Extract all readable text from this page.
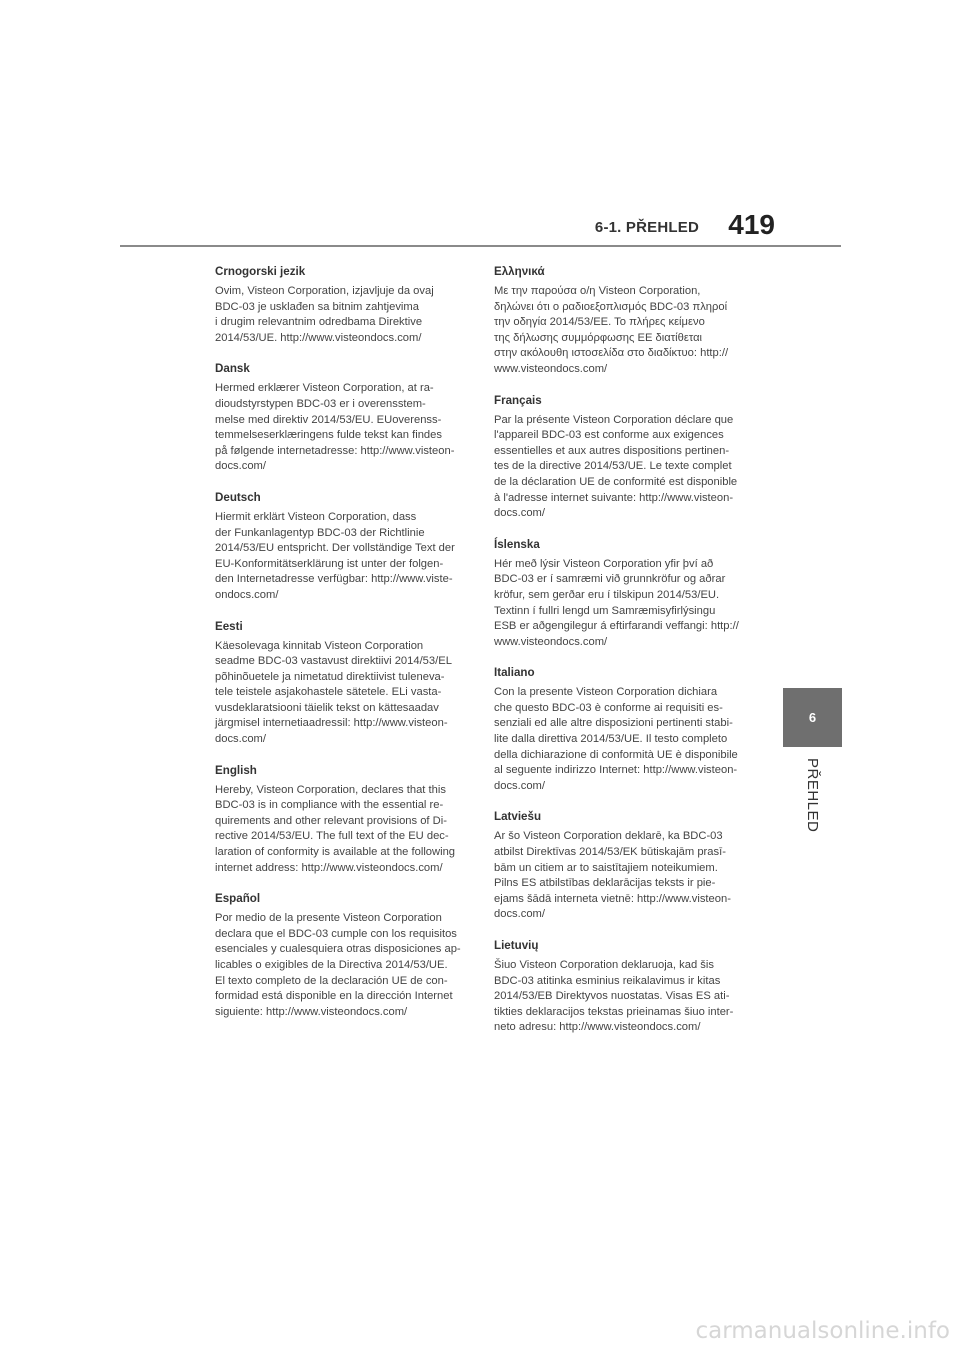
6-1. PŘEHLED 419
Crnogorski jezik

Ovim, Visteon Corporation, izjavljuje da ovaj

BDC-03 je usklađen sa bitnim zahtjevima

i drugim relevantnim odredbama Direktive

2014/53/UE. http://www.visteondocs.com/

Dansk

Hermed erklærer Visteon Corporation, at ra-

dioudstyrstypen BDC-03 er i overensstem-

melse med direktiv 2014/53/EU. EUoverenss-

temmelseserklæringens fulde tekst kan findes

på følgende internetadresse: http://www.visteon-

docs.com/

Deutsch

Hiermit erklärt Visteon Corporation, dass

der Funkanlagentyp BDC-03 der Richtlinie

2014/53/EU entspricht. Der vollständige Text der

EU-Konformitätserklärung ist unter der folgen-

den Internetadresse verfügbar: http://www.viste-

ondocs.com/

Eesti

Käesolevaga kinnitab Visteon Corporation

seadme BDC-03 vastavust direktiivi 2014/53/EL

põhinõuetele ja nimetatud direktiivist tuleneva-

tele teistele asjakohastele sätetele. ELi vasta-

vusdeklaratsiooni täielik tekst on kättesaadav

järgmisel internetiaadressil: http://www.visteon-

docs.com/

English

Hereby, Visteon Corporation, declares that this

BDC-03 is in compliance with the essential re-

quirements and other relevant provisions of Di-

rective 2014/53/EU. The full text of the EU dec-

laration of conformity is available at the following

internet address: http://www.visteondocs.com/

Español

Por medio de la presente Visteon Corporation

declara que el BDC-03 cumple con los requisitos

esenciales y cualesquiera otras disposiciones ap-

licables o exigibles de la Directiva 2014/53/UE.

El texto completo de la declaración UE de con-

formidad está disponible en la dirección Internet

siguiente: http://www.visteondocs.com/

Ελληνικά

Με την παρούσα ο/η Visteon Corporation,

δηλώνει ότι ο ραδιοεξοπλισμός BDC-03 πληροί

την οδηγία 2014/53/ΕΕ. Το πλήρες κείμενο

της δήλωσης συμμόρφωσης ΕΕ διατίθεται

στην ακόλουθη ιστοσελίδα στο διαδίκτυο: http://

www.visteondocs.com/

Français

Par la présente Visteon Corporation déclare que

l'appareil BDC-03 est conforme aux exigences

essentielles et aux autres dispositions pertinen-

tes de la directive 2014/53/UE. Le texte complet

de la déclaration UE de conformité est disponible

à l'adresse internet suivante: http://www.visteon-

docs.com/

Íslenska

Hér með lýsir Visteon Corporation yfir því að

BDC-03 er í samræmi við grunnkröfur og aðrar

kröfur, sem gerðar eru í tilskipun 2014/53/EU.

Textinn í fullri lengd um Samræmisyfirlýsingu

ESB er aðgengilegur á eftirfarandi veffangi: http://

www.visteondocs.com/

Italiano

Con la presente Visteon Corporation dichiara

che questo BDC-03 è conforme ai requisiti es-

senziali ed alle altre disposizioni pertinenti stabi-

lite dalla direttiva 2014/53/UE. Il testo completo

della dichiarazione di conformità UE è disponibile

al seguente indirizzo Internet: http://www.visteon-

docs.com/

Latviešu

Ar šo Visteon Corporation deklarē, ka BDC-03

atbilst Direktīvas 2014/53/EK būtiskajām prasī-

bām un citiem ar to saistītajiem noteikumiem.

Pilns ES atbilstības deklarācijas teksts ir pie-

ejams šādā interneta vietnē: http://www.visteon-

docs.com/

Lietuvių

Šiuo Visteon Corporation deklaruoja, kad šis

BDC-03 atitinka esminius reikalavimus ir kitas

2014/53/EB Direktyvos nuostatas. Visas ES ati-

tikties deklaracijos tekstas prieinamas šiuo inter-

neto adresu: http://www.visteondocs.com/

6
PŘEHLED
carmanualsonline.info
